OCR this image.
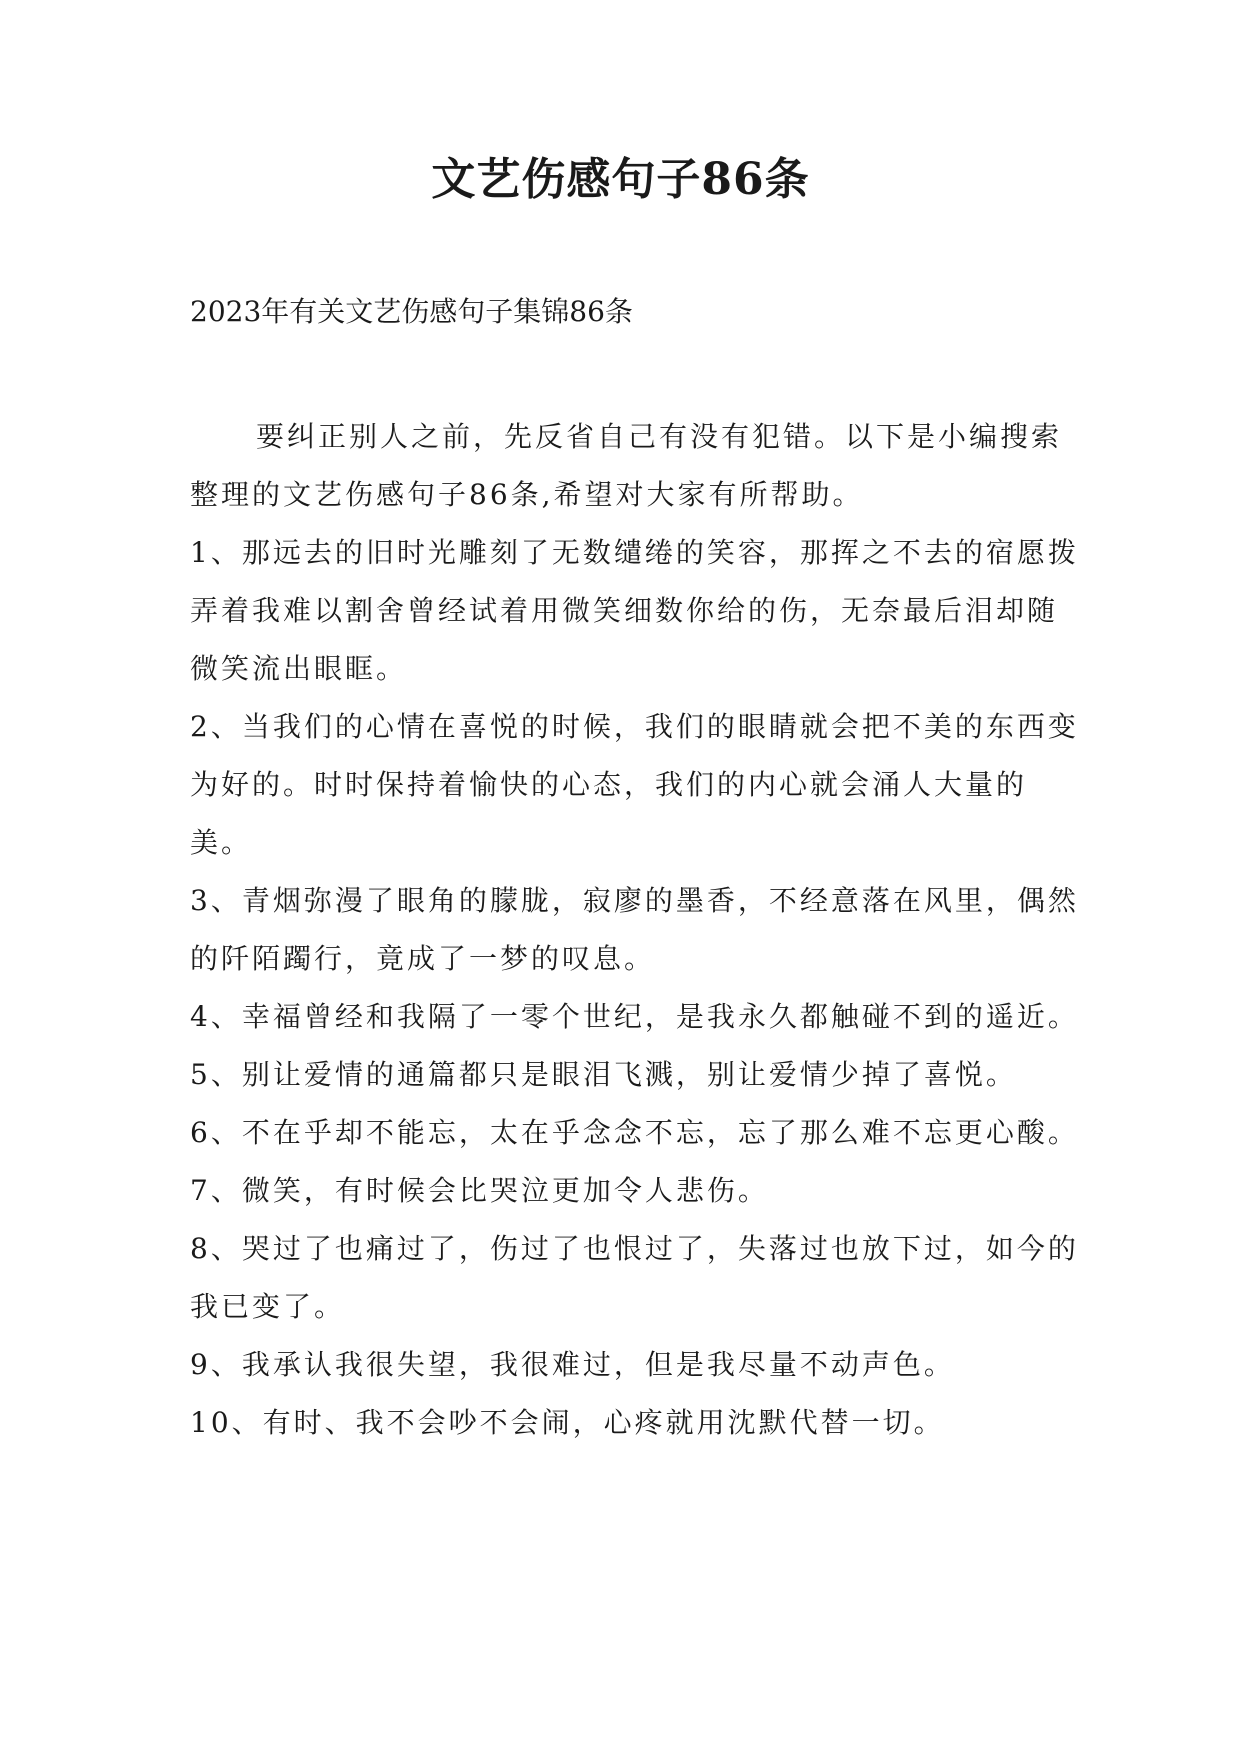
文艺伤感句子86条
2023年有关文艺伤感句子集锦86条

要纠正别人之前，先反省自己有没有犯错。以下是小编搜索整理的文艺伤感句子86条,希望对大家有所帮助。

1、那远去的旧时光雕刻了无数缱绻的笑容，那挥之不去的宿愿拨弄着我难以割舍曾经试着用微笑细数你给的伤，无奈最后泪却随微笑流出眼眶。

2、当我们的心情在喜悦的时候，我们的眼睛就会把不美的东西变为好的。时时保持着愉快的心态，我们的内心就会涌人大量的美。

3、青烟弥漫了眼角的朦胧，寂廖的墨香，不经意落在风里，偶然的阡陌躅行，竟成了一梦的叹息。

4、幸福曾经和我隔了一零个世纪，是我永久都触碰不到的遥近。

5、别让爱情的通篇都只是眼泪飞溅，别让爱情少掉了喜悦。

6、不在乎却不能忘，太在乎念念不忘，忘了那么难不忘更心酸。

7、微笑，有时候会比哭泣更加令人悲伤。

8、哭过了也痛过了，伤过了也恨过了，失落过也放下过，如今的我已变了。

9、我承认我很失望，我很难过，但是我尽量不动声色。

10、有时、我不会吵不会闹，心疼就用沈默代替一切。
